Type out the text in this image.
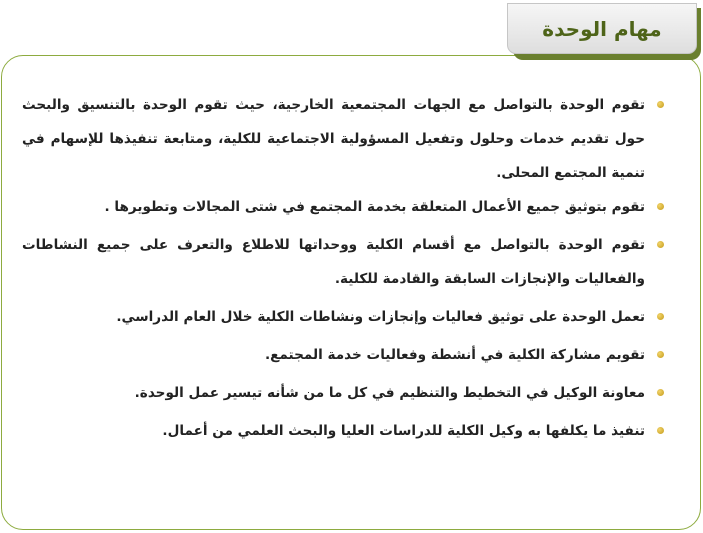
مهام الوحدة
تقوم الوحدة بالتواصل مع الجهات المجتمعية الخارجية، حيث تقوم الوحدة بالتنسيق والبحث حول تقديم خدمات وحلول وتفعيل المسؤولية الاجتماعية للكلية، ومتابعة تنفيذها للإسهام في تنمية المجتمع المحلى.
تقوم بتوثيق جميع الأعمال المتعلقة بخدمة المجتمع في شتى المجالات وتطويرها .
تقوم الوحدة بالتواصل مع أقسام الكلية ووحداتها للاطلاع والتعرف على جميع النشاطات والفعاليات والإنجازات السابقة والقادمة للكلية.
تعمل الوحدة على توثيق فعاليات وإنجازات ونشاطات الكلية خلال العام الدراسي.
تقويم مشاركة الكلية في أنشطة وفعاليات خدمة المجتمع.
معاونة الوكيل في التخطيط والتنظيم في كل ما من شأنه تيسير عمل الوحدة.
تنفيذ ما يكلفها به وكيل الكلية للدراسات العليا والبحث العلمي من أعمال.
